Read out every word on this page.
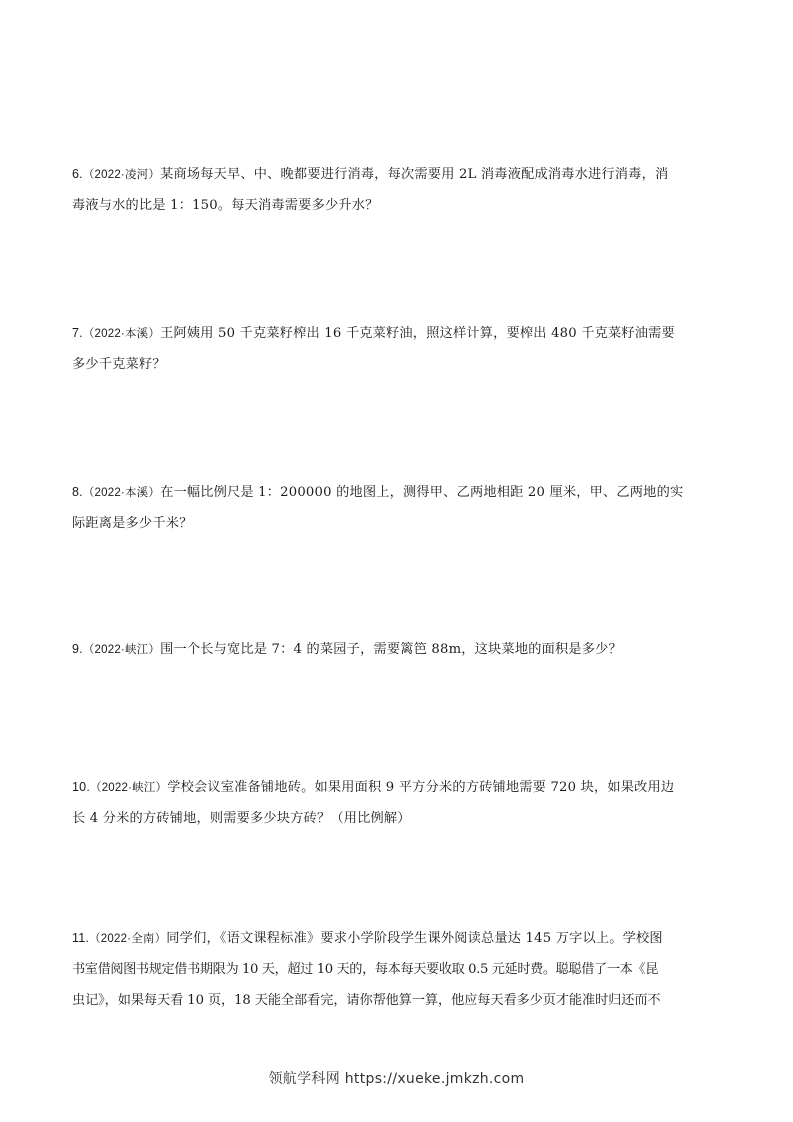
6.（2022·凌河）某商场每天早、中、晚都要进行消毒，每次需要用 2L 消毒液配成消毒水进行消毒，消
毒液与水的比是 1：150。每天消毒需要多少升水？
7.（2022·本溪）王阿姨用 50 千克菜籽榨出 16 千克菜籽油，照这样计算，要榨出 480 千克菜籽油需要
多少千克菜籽？
8.（2022·本溪）在一幅比例尺是 1：200000 的地图上，测得甲、乙两地相距 20 厘米，甲、乙两地的实
际距离是多少千米？
9.（2022·峡江）围一个长与宽比是 7：4 的菜园子，需要篱笆 88m，这块菜地的面积是多少？
10.（2022·峡江）学校会议室准备铺地砖。如果用面积 9 平方分米的方砖铺地需要 720 块，如果改用边
长 4 分米的方砖铺地，则需要多少块方砖？（用比例解）
11.（2022·全南）同学们，《语文课程标准》要求小学阶段学生课外阅读总量达 145 万字以上。学校图
书室借阅图书规定借书期限为 10 天，超过 10 天的，每本每天要收取 0.5 元延时费。聪聪借了一本《昆
虫记》，如果每天看 10 页，18 天能全部看完，请你帮他算一算，他应每天看多少页才能准时归还而不
领航学科网 https://xueke.jmkzh.com
